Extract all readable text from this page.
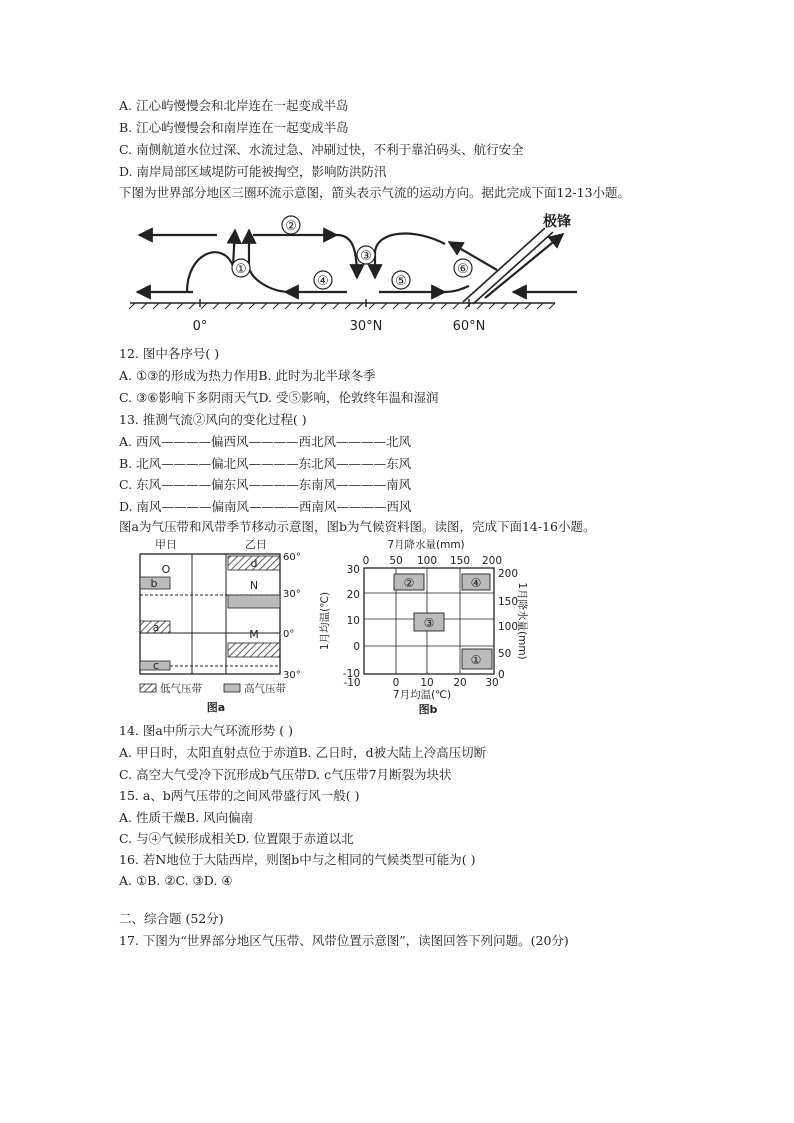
A. 江心屿慢慢会和北岸连在一起变成半岛
B. 江心屿慢慢会和南岸连在一起变成半岛
C. 南侧航道水位过深、水流过急、冲刷过快，不利于靠泊码头、航行安全
D. 南岸局部区域堤防可能被掏空，影响防洪防汛
下图为世界部分地区三圈环流示意图，箭头表示气流的运动方向。据此完成下面12-13小题。
①
②
③
④	⑤
⑥
极锋
0°	30°N	60°N
12. 图中各序号( )
A. ①③的形成为热力作用B. 此时为北半球冬季
C. ③⑥影响下多阴雨天气D. 受⑤影响，伦敦终年温和湿润
13. 推测气流②风向的变化过程( )
A. 西风————偏西风————西北风————北风
B. 北风————偏北风————东北风————东风
C. 东风————偏东风————东南风————南风
D. 南风————偏南风————西南风————西风
图a为气压带和风带季节移动示意图，图b为气候资料图。读图，完成下面14-16小题。
甲日	乙日
O
b
a
c
d
N
M
60°
30°
0°
30°
低气压带	高气压带
图a
7月降水量(mm)
0 50 100 150 200
-10	0 10 20 30
7月均温(℃)
图b
①
②
③
④
30
20
10
0
-10
1月均温(℃)
200
150
100
50
0
1月降水量(mm)
14. 图a中所示大气环流形势 ( )
A. 甲日时，太阳直射点位于赤道B. 乙日时，d被大陆上冷高压切断
C. 高空大气受冷下沉形成b气压带D. c气压带7月断裂为块状
15. a、b两气压带的之间风带盛行风一般( )
A. 性质干燥B. 风向偏南
C. 与④气候形成相关D. 位置限于赤道以北
16. 若N地位于大陆西岸，则图b中与之相同的气候类型可能为( )
A. ①B. ②C. ③D. ④
二、综合题 (52分)
17. 下图为“世界部分地区气压带、风带位置示意图”，读图回答下列问题。(20分)
